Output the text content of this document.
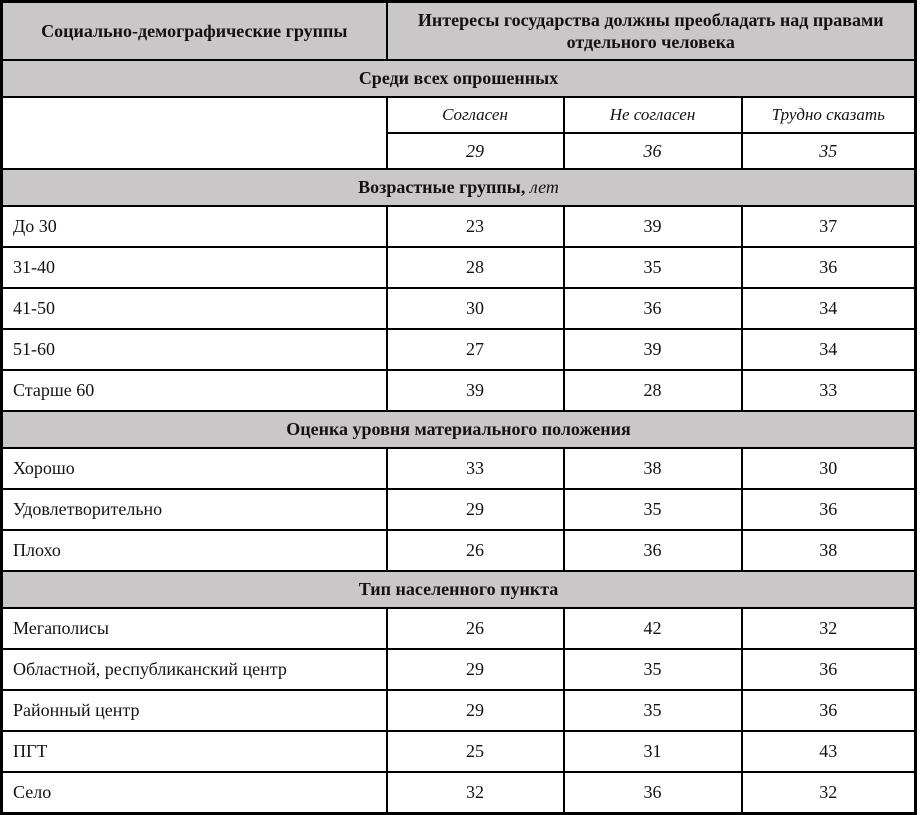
Социально-демографические группы	Интересы государства должны преобладать над правами отдельного человека		
Среди всех опрошенных			
	Согласен	Не согласен	Трудно сказать
	29	36	35
Возрастные группы, лет			
До 30	23	39	37
31-40	28	35	36
41-50	30	36	34
51-60	27	39	34
Старше 60	39	28	33
Оценка уровня материального положения			
Хорошо	33	38	30
Удовлетворительно	29	35	36
Плохо	26	36	38
Тип населенного пункта			
Мегаполисы	26	42	32
Областной, республиканский центр	29	35	36
Районный центр	29	35	36
ПГТ	25	31	43
Село	32	36	32
